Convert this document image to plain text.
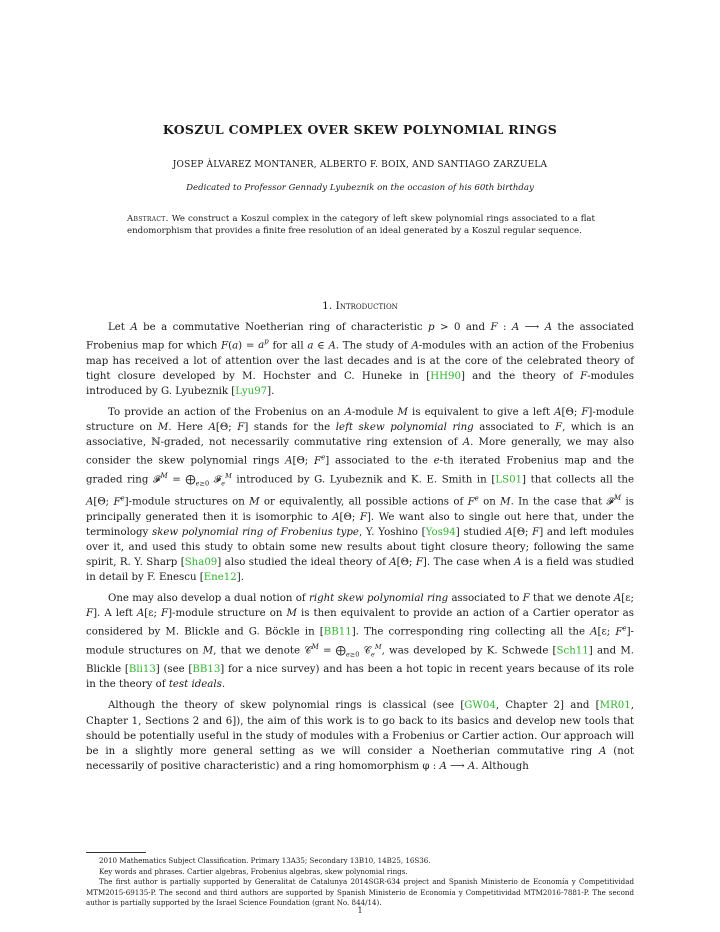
KOSZUL COMPLEX OVER SKEW POLYNOMIAL RINGS
JOSEP ÀLVAREZ MONTANER, ALBERTO F. BOIX, AND SANTIAGO ZARZUELA
Dedicated to Professor Gennady Lyubeznik on the occasion of his 60th birthday
Abstract. We construct a Koszul complex in the category of left skew polynomial rings associated to a flat endomorphism that provides a finite free resolution of an ideal generated by a Koszul regular sequence.
1. Introduction

Let A be a commutative Noetherian ring of characteristic p > 0 and F : A ⟶ A the associated Frobenius map for which $F(a) = a^p$ for all a ∈ A. The study of A-modules with an action of the Frobenius map has received a lot of attention over the last decades and is at the core of the celebrated theory of tight closure developed by M. Hochster and C. Huneke in [HH90] and the theory of F-modules introduced by G. Lyubeznik [Lyu97].

To provide an action of the Frobenius on an A-module M is equivalent to give a left A[Θ; F]-module structure on M. Here A[Θ; F] stands for the left skew polynomial ring associated to F, which is an associative, ℕ-graded, not necessarily commutative ring extension of A. More generally, we may also consider the skew polynomial rings A[Θ; $F^e$] associated to the e-th iterated Frobenius map and the graded ring 𝓕$^M$ = $⨁_{e\ge 0}$ 𝓕$_e^M$ introduced by G. Lyubeznik and K. E. Smith in [LS01] that collects all the A[Θ; $F^e$]-module structures on M or equivalently, all possible actions of $F^e$ on M. In the case that 𝓕$^M$ is principally generated then it is isomorphic to A[Θ; F]. We want also to single out here that, under the terminology skew polynomial ring of Frobenius type, Y. Yoshino [Yos94] studied A[Θ; F] and left modules over it, and used this study to obtain some new results about tight closure theory; following the same spirit, R. Y. Sharp [Sha09] also studied the ideal theory of A[Θ; F]. The case when A is a field was studied in detail by F. Enescu [Ene12].

One may also develop a dual notion of right skew polynomial ring associated to F that we denote A[ε; F]. A left A[ε; F]-module structure on M is then equivalent to provide an action of a Cartier operator as considered by M. Blickle and G. Böckle in [BB11]. The corresponding ring collecting all the A[ε; $F^e$]-module structures on M, that we denote 𝒞$^M$ = $⨁_{e\ge 0}$ 𝒞$_e^M$, was developed by K. Schwede [Sch11] and M. Blickle [Bli13] (see [BB13] for a nice survey) and has been a hot topic in recent years because of its role in the theory of test ideals.

Although the theory of skew polynomial rings is classical (see [GW04, Chapter 2] and [MR01, Chapter 1, Sections 2 and 6]), the aim of this work is to go back to its basics and develop new tools that should be potentially useful in the study of modules with a Frobenius or Cartier action. Our approach will be in a slightly more general setting as we will consider a Noetherian commutative ring A (not necessarily of positive characteristic) and a ring homomorphism φ : A ⟶ A. Although

2010 Mathematics Subject Classification. Primary 13A35; Secondary 13B10, 14B25, 16S36.

Key words and phrases. Cartier algebras, Frobenius algebras, skew polynomial rings.

The first author is partially supported by Generalitat de Catalunya 2014SGR-634 project and Spanish Ministerio de Economía y Competitividad MTM2015-69135-P. The second and third authors are supported by Spanish Ministerio de Economía y Competitividad MTM2016-7881-P. The second author is partially supported by the Israel Science Foundation (grant No. 844/14).

1
